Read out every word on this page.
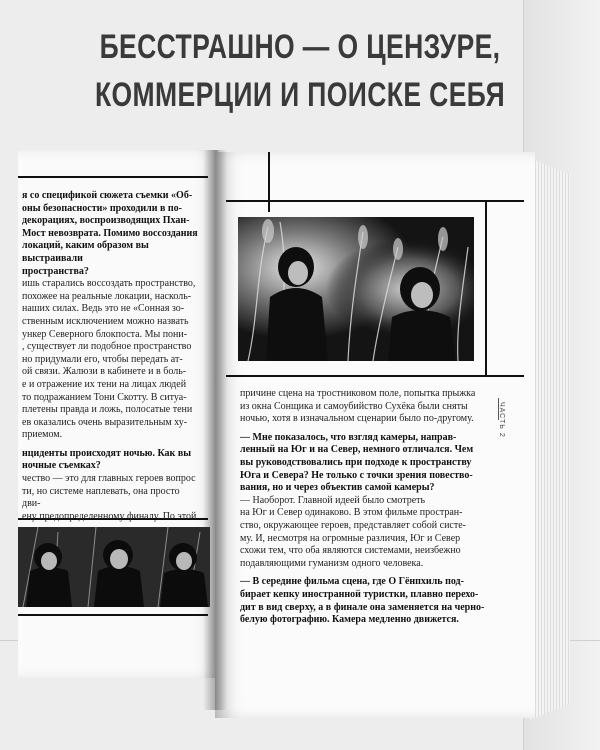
БЕССТРАШНО — О ЦЕНЗУРЕ,
КОММЕРЦИИ И ПОИСКЕ СЕБЯ

я со спецификой сюжета съемки «Об-

оны безопасности» проходили в по-

декорациях, воспроизводящих Пхан-

Мост невозвратa. Помимо воссоздания

локаций, каким образом вы выстраивали

пространства?

ишь старались воссоздать пространство,

похожее на реальные локации, насколь-

наших силах. Ведь это не «Сонная зо-

ственным исключением можно назвать

ункер Северного блокпоста. Мы пони-

, существует ли подобное пространство

но придумали его, чтобы передать ат-

ой связи. Жалюзи в кабинете и в боль-

е и отражение их тени на лицах людей

то подражанием Тони Скотту. В ситуа-

плетены правда и ложь, полосатые тени

ев оказались очень выразительным ху-

приемом.

нциденты происходят ночью. Как вы

ночные съемках?

чество — это для главных героев вопрос

ти, но системе наплевать, она просто дви-

ену предопределенному финалу. По этой

ЧАСТЬ 2

причине сцена на тростниковом поле, попытка прыжка

из окна Сонщика и самоубийство Сухёка были сняты

ночью, хотя в изначальном сценарии было по-другому.

— Мне показалось, что взгляд камеры, направ-

ленный на Юг и на Север, немного отличался. Чем

вы руководствовались при подходе к пространству

Юга и Севера? Не только с точки зрения повество-

вания, но и через объектив самой камеры?

— Наоборот. Главной идеей было смотреть

на Юг и Север одинаково. В этом фильме простран-

ство, окружающее героев, представляет собой систе-

му. И, несмотря на огромные различия, Юг и Север

схожи тем, что оба являются системами, неизбежно

подавляющими гуманизм одного человека.

— В середине фильма сцена, где О Гёнпхиль под-

бирает кепку иностранной туристки, плавно перехо-

дит в вид сверху, а в финале она заменяется на черно-

белую фотографию. Камера медленно движется.
